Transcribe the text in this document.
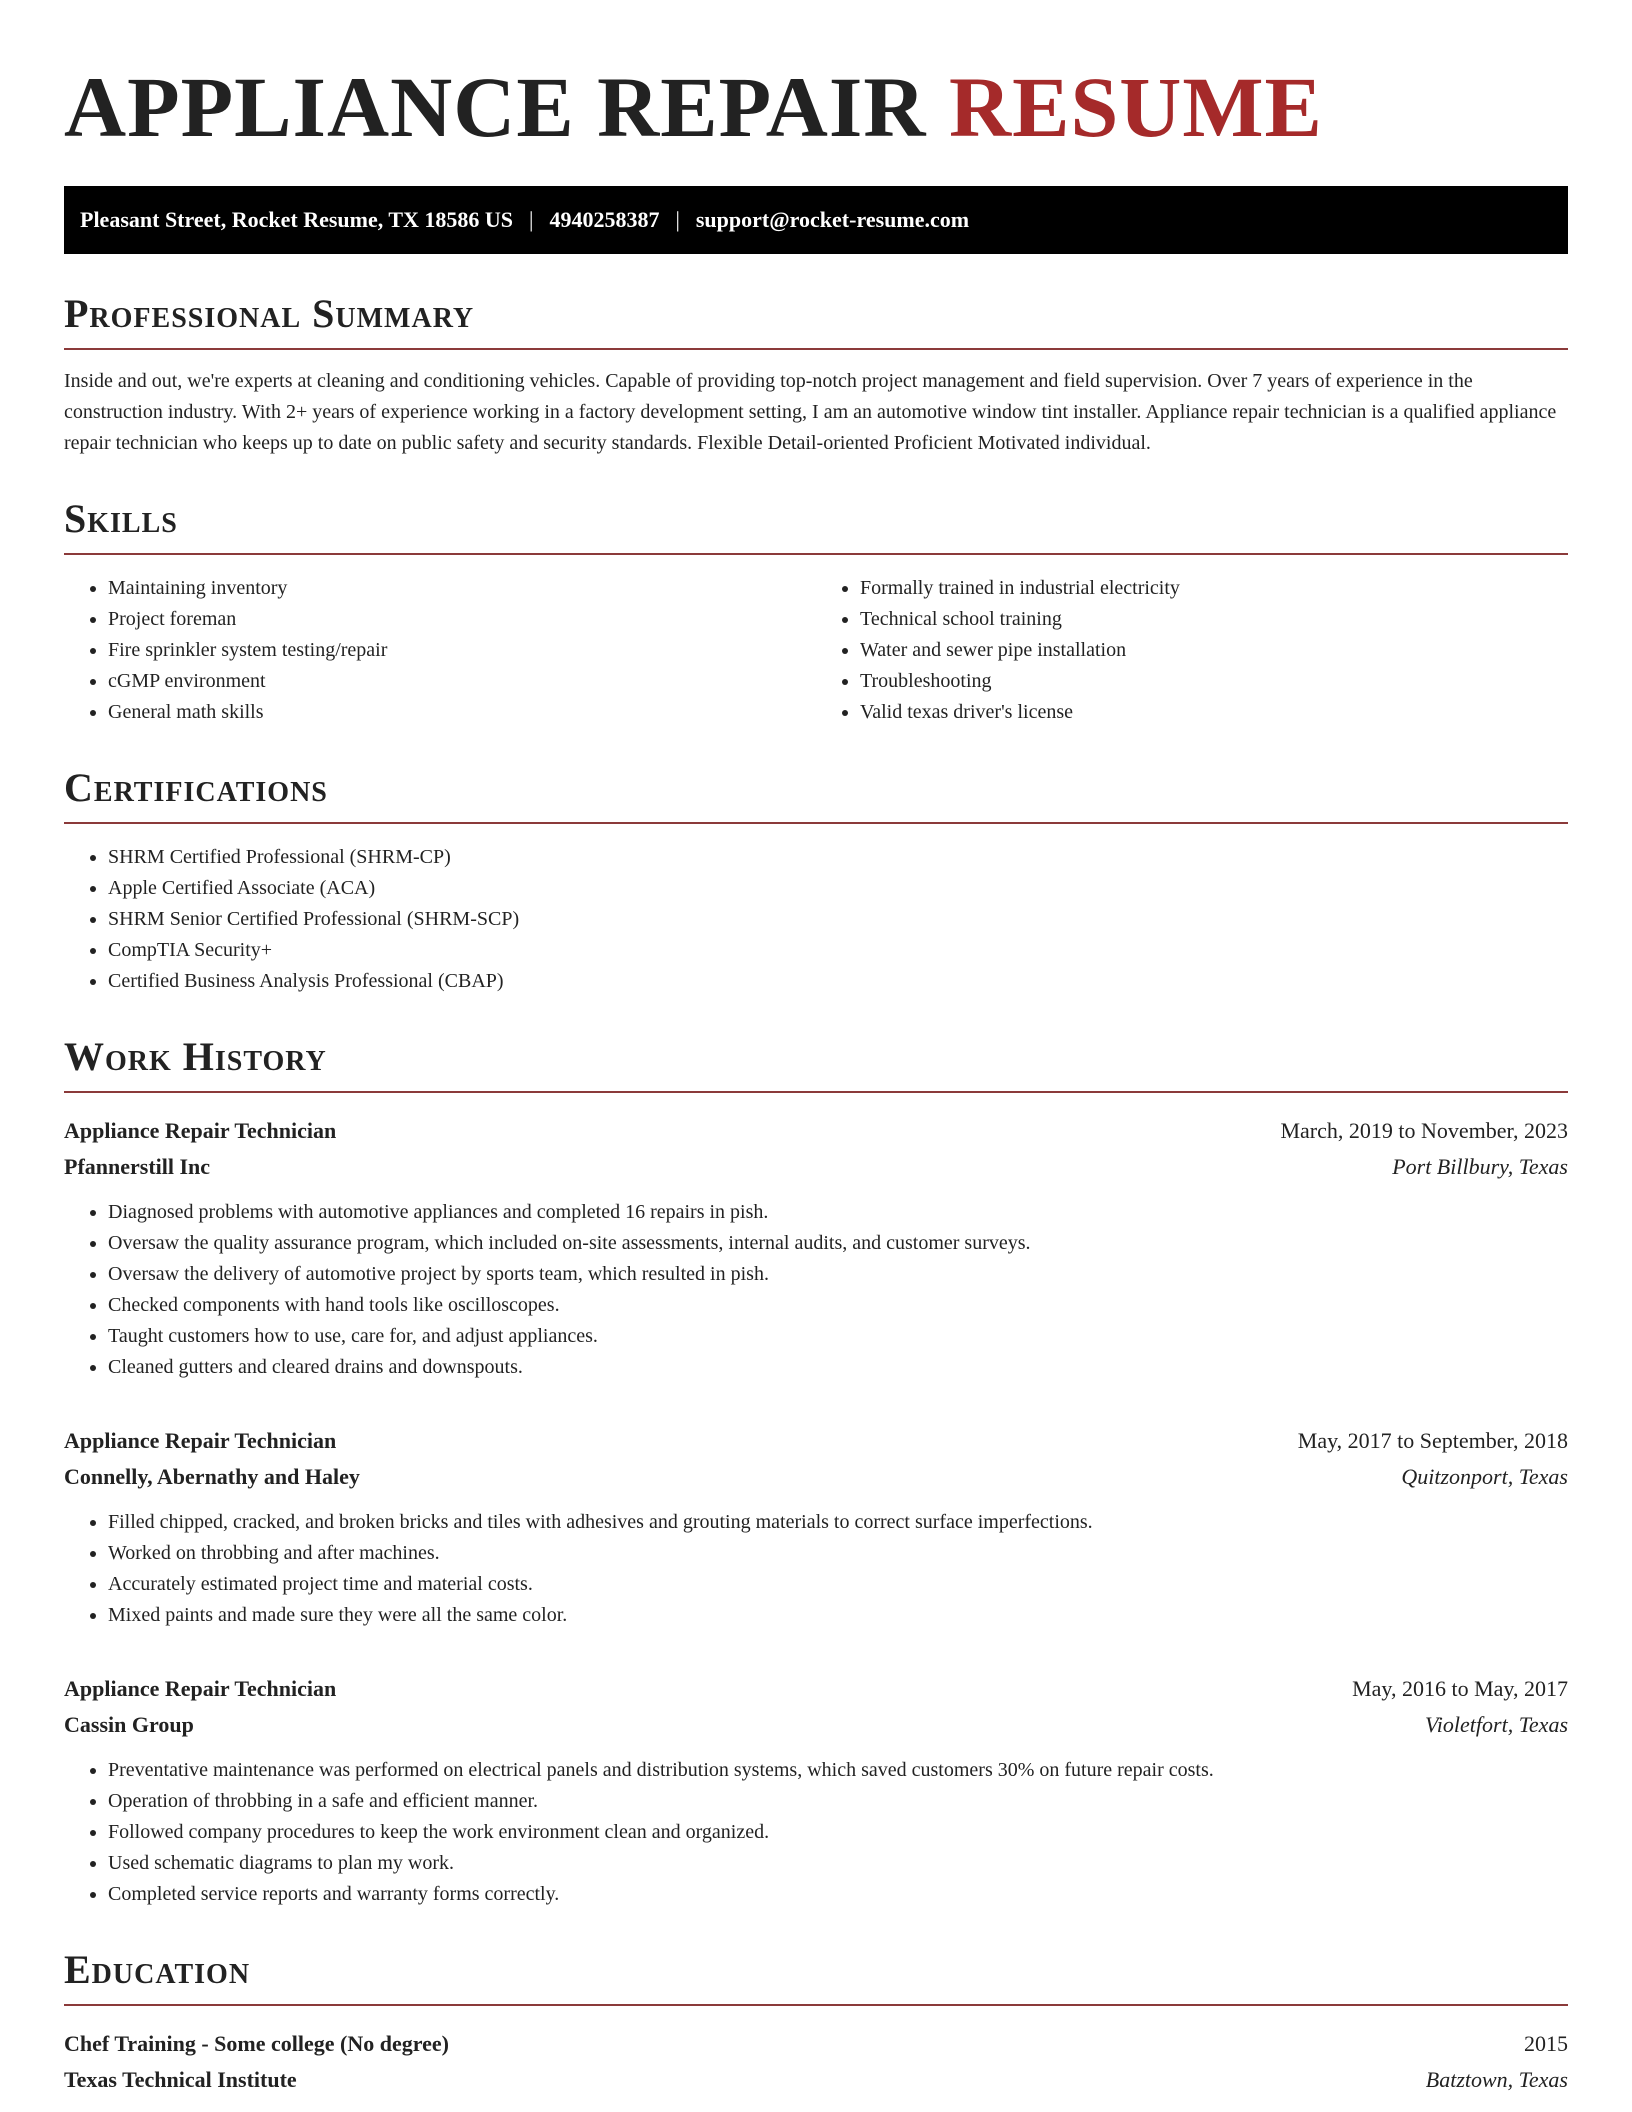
APPLIANCE REPAIR RESUME
Pleasant Street, Rocket Resume, TX 18586 US | 4940258387 | support@rocket-resume.com
Professional Summary

Inside and out, we're experts at cleaning and conditioning vehicles. Capable of providing top-notch project management and field supervision. Over 7 years of experience in the construction industry. With 2+ years of experience working in a factory development setting, I am an automotive window tint installer. Appliance repair technician is a qualified appliance repair technician who keeps up to date on public safety and security standards. Flexible Detail-oriented Proficient Motivated individual.

Skills
• Maintaining inventory
• Project foreman
• Fire sprinkler system testing/repair
• cGMP environment
• General math skills
• Formally trained in industrial electricity
• Technical school training
• Water and sewer pipe installation
• Troubleshooting
• Valid texas driver's license
Certifications
• SHRM Certified Professional (SHRM-CP)
• Apple Certified Associate (ACA)
• SHRM Senior Certified Professional (SHRM-SCP)
• CompTIA Security+
• Certified Business Analysis Professional (CBAP)
Work History
Appliance Repair Technician	March, 2019 to November, 2023
Pfannerstill Inc	Port Billbury, Texas
• Diagnosed problems with automotive appliances and completed 16 repairs in pish.
• Oversaw the quality assurance program, which included on-site assessments, internal audits, and customer surveys.
• Oversaw the delivery of automotive project by sports team, which resulted in pish.
• Checked components with hand tools like oscilloscopes.
• Taught customers how to use, care for, and adjust appliances.
• Cleaned gutters and cleared drains and downspouts.
Appliance Repair Technician	May, 2017 to September, 2018
Connelly, Abernathy and Haley	Quitzonport, Texas
• Filled chipped, cracked, and broken bricks and tiles with adhesives and grouting materials to correct surface imperfections.
• Worked on throbbing and after machines.
• Accurately estimated project time and material costs.
• Mixed paints and made sure they were all the same color.
Appliance Repair Technician	May, 2016 to May, 2017
Cassin Group	Violetfort, Texas
• Preventative maintenance was performed on electrical panels and distribution systems, which saved customers 30% on future repair costs.
• Operation of throbbing in a safe and efficient manner.
• Followed company procedures to keep the work environment clean and organized.
• Used schematic diagrams to plan my work.
• Completed service reports and warranty forms correctly.
Education
Chef Training - Some college (No degree)	2015
Texas Technical Institute	Batztown, Texas
